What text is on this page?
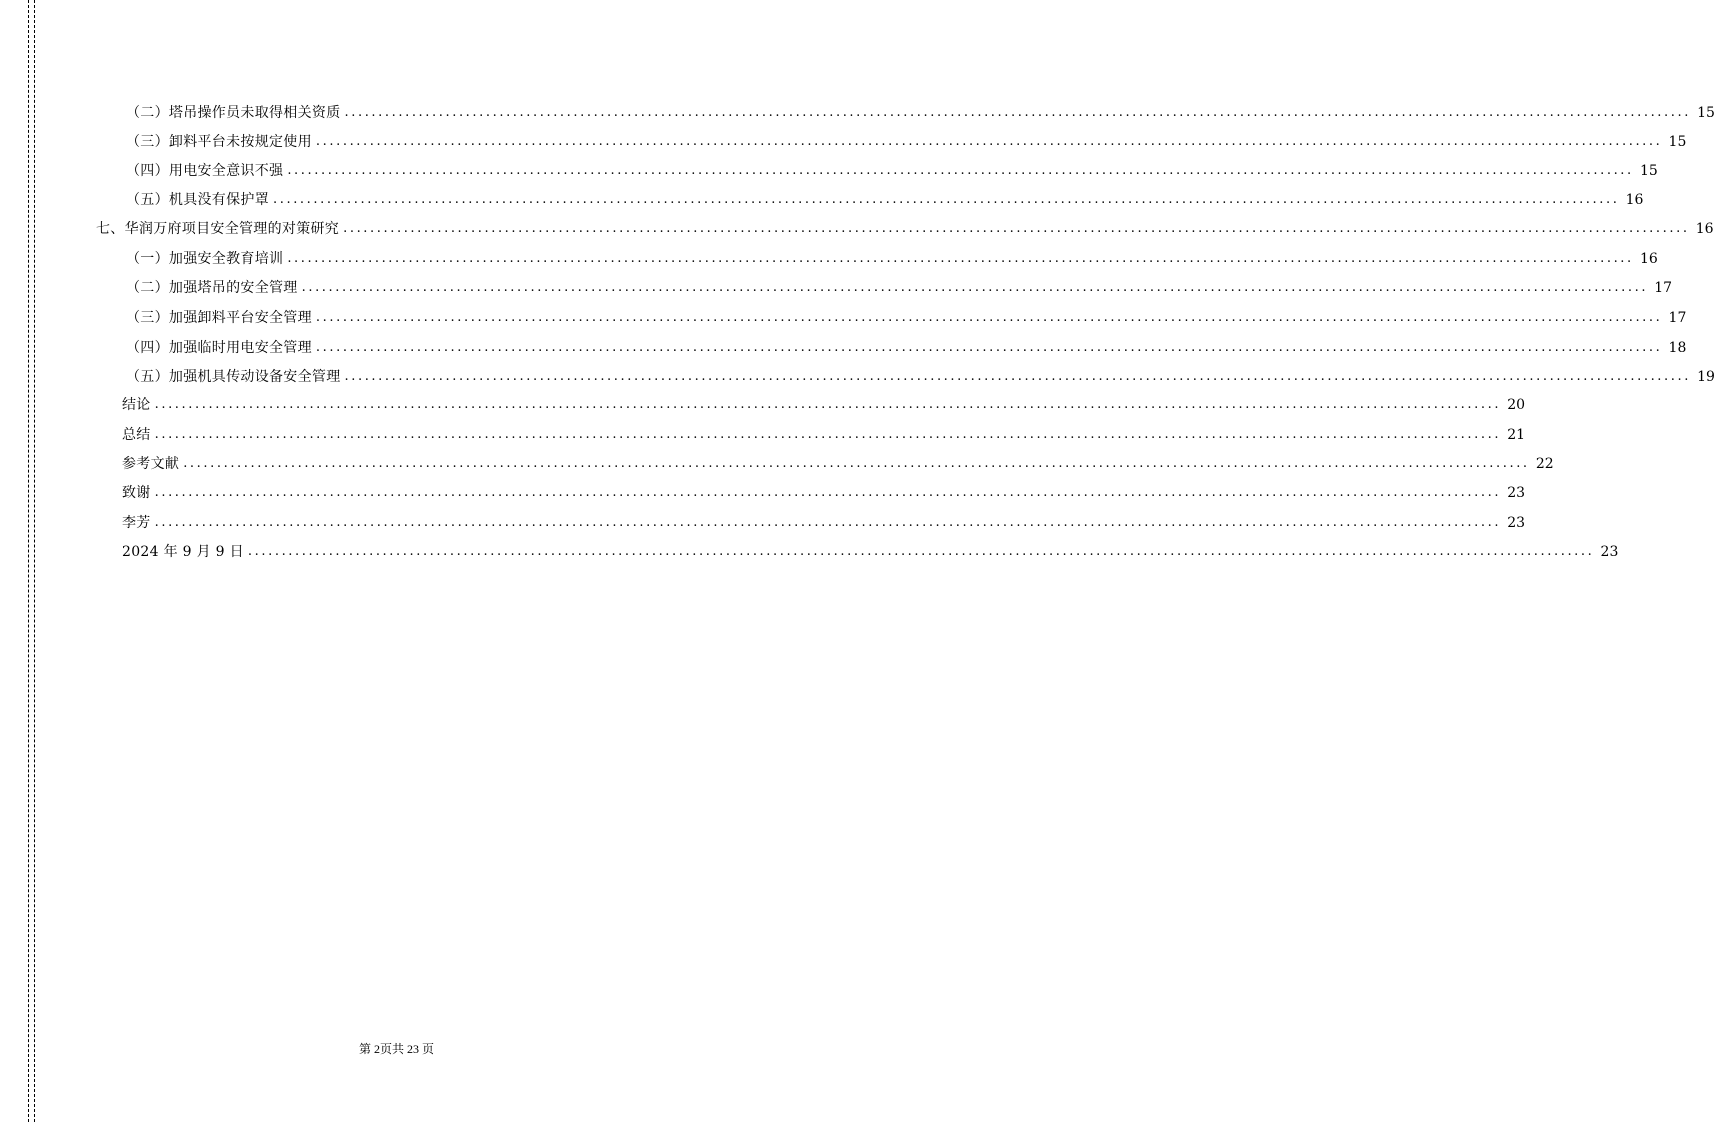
（二）塔吊操作员未取得相关资质 ........................................................................................................................................................................................................ 15
（三）卸料平台未按规定使用 ........................................................................................................................................................................................................ 15
（四）用电安全意识不强 ........................................................................................................................................................................................................ 15
（五）机具没有保护罩 ........................................................................................................................................................................................................ 16
七、华润万府项目安全管理的对策研究 ........................................................................................................................................................................................................ 16
（一）加强安全教育培训 ........................................................................................................................................................................................................ 16
（二）加强塔吊的安全管理 ........................................................................................................................................................................................................ 17
（三）加强卸料平台安全管理 ........................................................................................................................................................................................................ 17
（四）加强临时用电安全管理 ........................................................................................................................................................................................................ 18
（五）加强机具传动设备安全管理 ........................................................................................................................................................................................................ 19
结论 ........................................................................................................................................................................................................ 20
总结 ........................................................................................................................................................................................................ 21
参考文献 ........................................................................................................................................................................................................ 22
致谢 ........................................................................................................................................................................................................ 23
李芳 ........................................................................................................................................................................................................ 23
2024 年 9 月 9 日 ........................................................................................................................................................................................................ 23
第 2页共 23 页
